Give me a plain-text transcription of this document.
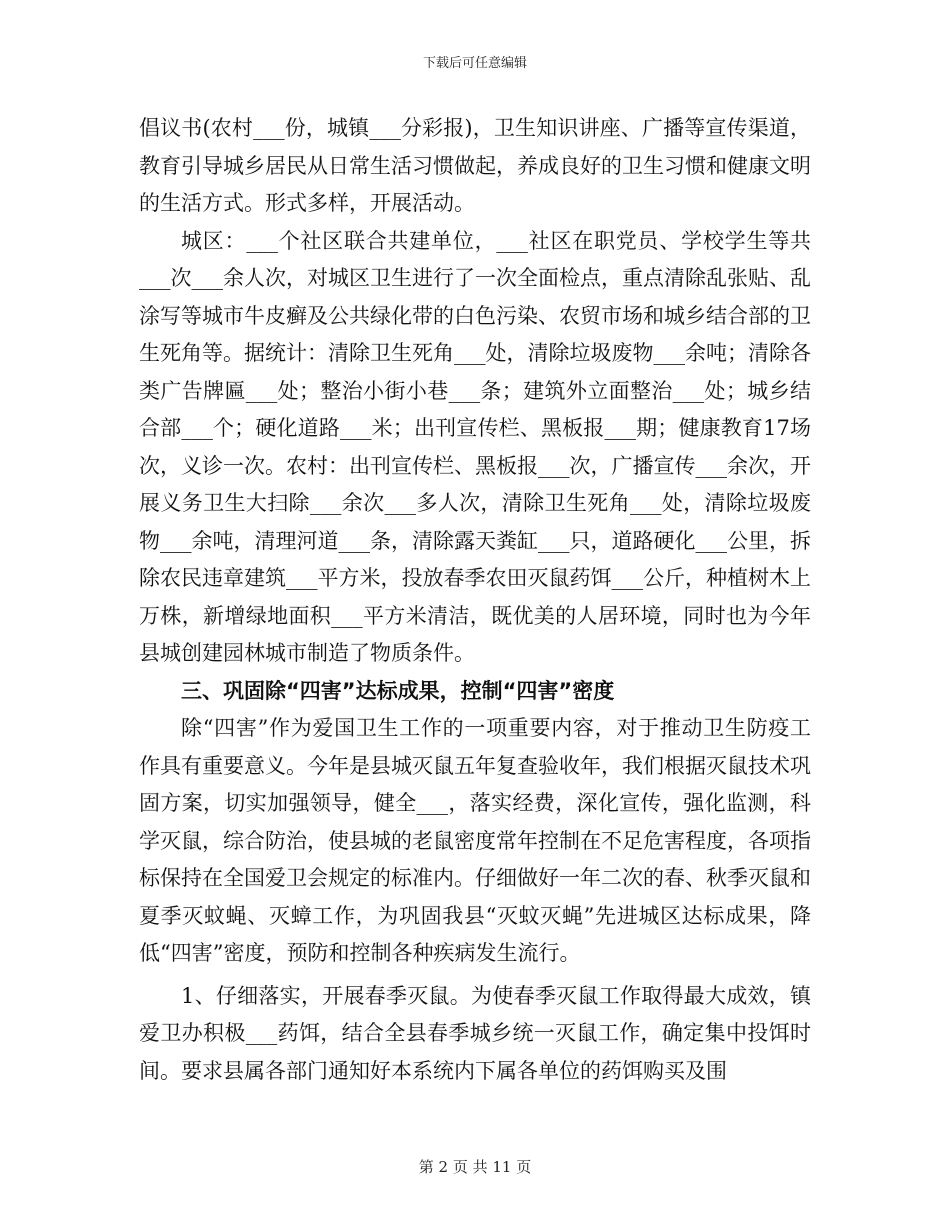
下载后可任意编辑

倡议书(农村___份，城镇___分彩报)，卫生知识讲座、广播等宣传渠道，教育引导城乡居民从日常生活习惯做起，养成良好的卫生习惯和健康文明的生活方式。形式多样，开展活动。

城区：___个社区联合共建单位，___社区在职党员、学校学生等共___次___余人次，对城区卫生进行了一次全面检点，重点清除乱张贴、乱涂写等城市牛皮癣及公共绿化带的白色污染、农贸市场和城乡结合部的卫生死角等。据统计：清除卫生死角___处，清除垃圾废物___余吨；清除各类广告牌匾___处；整治小街小巷___条；建筑外立面整治___处；城乡结合部___个；硬化道路___米；出刊宣传栏、黑板报___期；健康教育17场次，义诊一次。农村：出刊宣传栏、黑板报___次，广播宣传___余次，开展义务卫生大扫除___余次___多人次，清除卫生死角___处，清除垃圾废物___余吨，清理河道___条，清除露天粪缸___只，道路硬化___公里，拆除农民违章建筑___平方米，投放春季农田灭鼠药饵___公斤，种植树木上万株，新增绿地面积___平方米清洁，既优美的人居环境，同时也为今年县城创建园林城市制造了物质条件。

三、巩固除“四害”达标成果，控制“四害”密度

除“四害”作为爱国卫生工作的一项重要内容，对于推动卫生防疫工作具有重要意义。今年是县城灭鼠五年复查验收年，我们根据灭鼠技术巩固方案，切实加强领导，健全___，落实经费，深化宣传，强化监测，科学灭鼠，综合防治，使县城的老鼠密度常年控制在不足危害程度，各项指标保持在全国爱卫会规定的标准内。仔细做好一年二次的春、秋季灭鼠和夏季灭蚊蝇、灭蟑工作，为巩固我县“灭蚊灭蝇”先进城区达标成果，降低“四害”密度，预防和控制各种疾病发生流行。

1、仔细落实，开展春季灭鼠。为使春季灭鼠工作取得最大成效，镇爱卫办积极___药饵，结合全县春季城乡统一灭鼠工作，确定集中投饵时间。要求县属各部门通知好本系统内下属各单位的药饵购买及围

第 2 页 共 11 页
